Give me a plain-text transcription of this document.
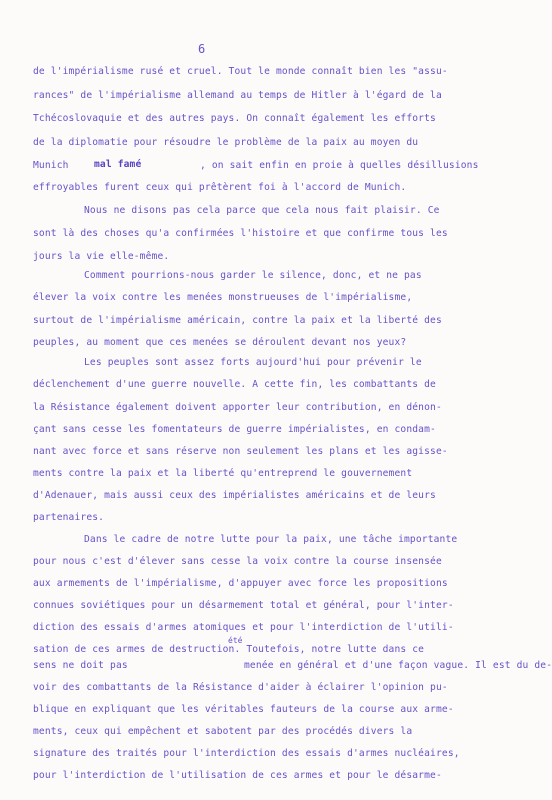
6
de l'impérialisme rusé et cruel. Tout le monde connaît bien les "assu-
rances" de l'impérialisme allemand au temps de Hitler à l'égard de la
Tchécoslovaquie et des autres pays. On connaît également les efforts
de la diplomatie pour résoudre le problème de la paix au moyen du
Munich	mal famé	, on sait enfin en proie à quelles désillusions
effroyables furent ceux qui prêtèrent foi à l'accord de Munich.
Nous ne disons pas cela parce que cela nous fait plaisir. Ce
sont là des choses qu'a confirmées l'histoire et que confirme tous les
jours la vie elle-même.
Comment pourrions-nous garder le silence, donc, et ne pas
élever la voix contre les menées monstrueuses de l'impérialisme,
surtout de l'impérialisme américain, contre la paix et la liberté des
peuples, au moment que ces menées se déroulent devant nos yeux?
Les peuples sont assez forts aujourd'hui pour prévenir le
déclenchement d'une guerre nouvelle. A cette fin, les combattants de
la Résistance également doivent apporter leur contribution, en dénon-
çant sans cesse les fomentateurs de guerre impérialistes, en condam-
nant avec force et sans réserve non seulement les plans et les agisse-
ments contre la paix et la liberté qu'entreprend le gouvernement
d'Adenauer, mais aussi ceux des impérialistes américains et de leurs
partenaires.
Dans le cadre de notre lutte pour la paix, une tâche importante
pour nous c'est d'élever sans cesse la voix contre la course insensée
aux armements de l'impérialisme, d'appuyer avec force les propositions
connues soviétiques pour un désarmement total et général, pour l'inter-
diction des essais d'armes atomiques et pour l'interdiction de l'utili-
sation de ces armes de destruction. Toutefois, notre lutte dans ce
été
sens ne doit pas	menée en général et d'une façon vague. Il est du de-
voir des combattants de la Résistance d'aider à éclairer l'opinion pu-
blique en expliquant que les véritables fauteurs de la course aux arme-
ments, ceux qui empêchent et sabotent par des procédés divers la
signature des traités pour l'interdiction des essais d'armes nucléaires,
pour l'interdiction de l'utilisation de ces armes et pour le désarme-
